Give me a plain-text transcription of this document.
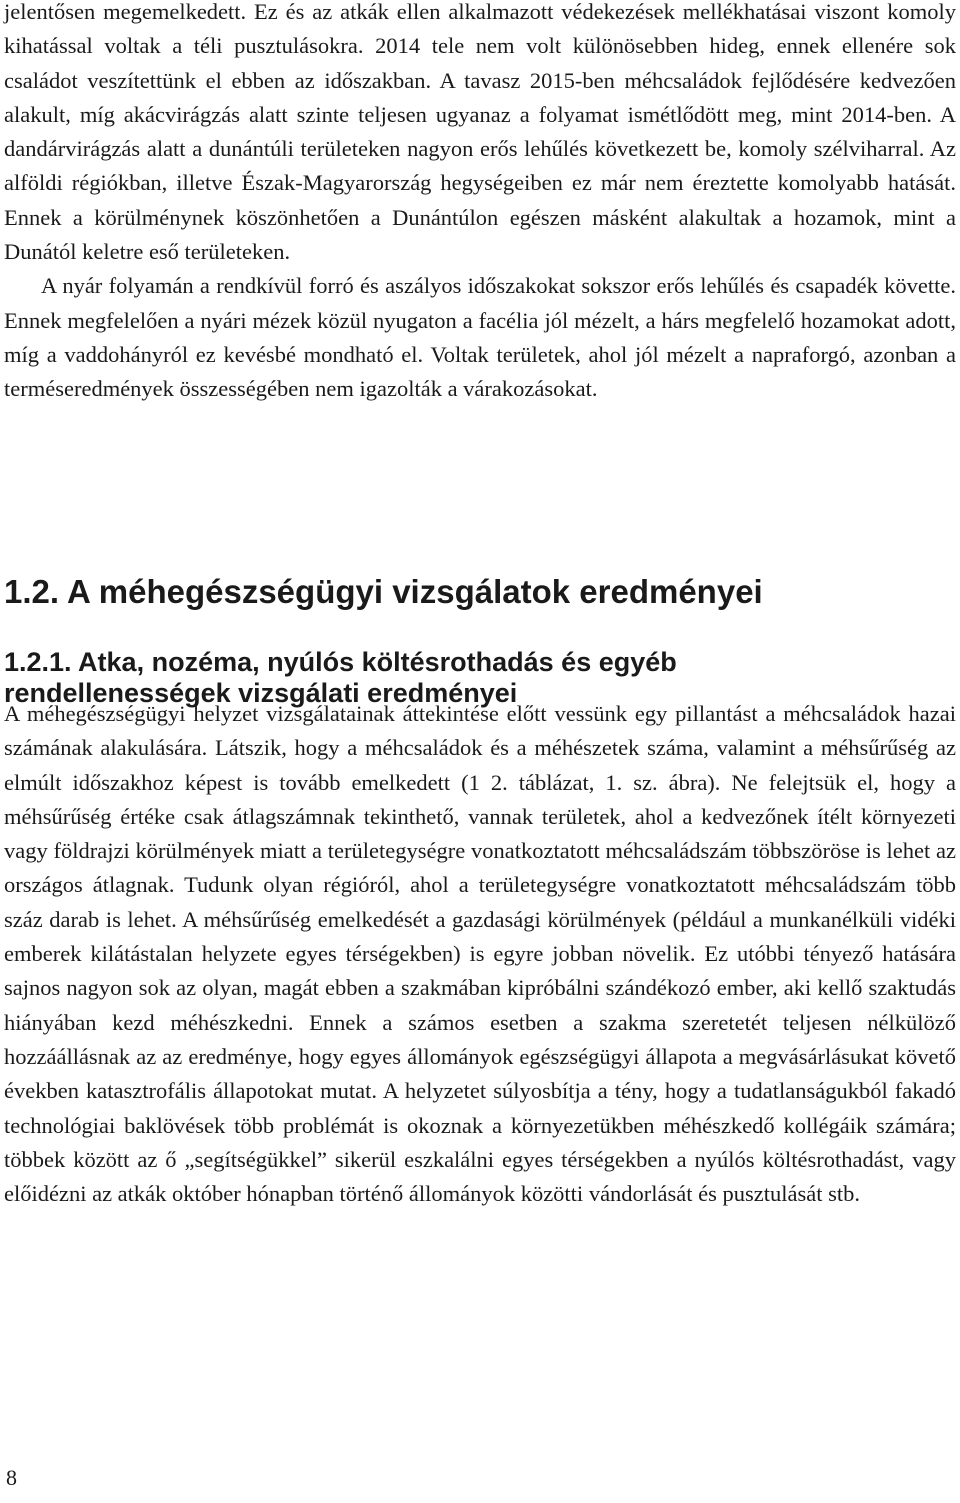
jelentősen megemelkedett. Ez és az atkák ellen alkalmazott védekezések mellékhatásai viszont komoly kihatással voltak a téli pusztulásokra. 2014 tele nem volt különösebben hideg, ennek ellenére sok családot veszítettünk el ebben az időszakban. A tavasz 2015-ben méhcsaládok fejlődésére kedvezően alakult, míg akácvirágzás alatt szinte teljesen ugyanaz a folyamat ismétlődött meg, mint 2014-ben. A dandárvirágzás alatt a dunántúli területeken nagyon erős lehűlés következett be, komoly szélviharral. Az alföldi régiókban, illetve Észak-Magyarország hegységeiben ez már nem éreztette komolyabb hatását. Ennek a körülménynek köszönhetően a Dunántúlon egészen másként alakultak a hozamok, mint a Dunától keletre eső területeken.

A nyár folyamán a rendkívül forró és aszályos időszakokat sokszor erős lehűlés és csapadék követte. Ennek megfelelően a nyári mézek közül nyugaton a facélia jól mézelt, a hárs megfelelő hozamokat adott, míg a vaddohányról ez kevésbé mondható el. Voltak területek, ahol jól mézelt a napraforgó, azonban a terméseredmények összességében nem igazolták a várakozásokat.

1.2. A méhegészségügyi vizsgálatok eredményei
1.2.1. Atka, nozéma, nyúlós költésrothadás és egyéb
rendellenességek vizsgálati eredményei

A méhegészségügyi helyzet vizsgálatainak áttekintése előtt vessünk egy pillantást a méhcsaládok hazai számának alakulására. Látszik, hogy a méhcsaládok és a méhészetek száma, valamint a méhsűrűség az elmúlt időszakhoz képest is tovább emelkedett (1 2. táblázat, 1. sz. ábra). Ne felejtsük el, hogy a méhsűrűség értéke csak átlagszámnak tekinthető, vannak területek, ahol a kedvezőnek ítélt környezeti vagy földrajzi körülmények miatt a területegységre vonatkoztatott méhcsaládszám többszöröse is lehet az országos átlagnak. Tudunk olyan régióról, ahol a területegységre vonatkoztatott méhcsaládszám több száz darab is lehet. A méhsűrűség emelkedését a gazdasági körülmények (például a munkanélküli vidéki emberek kilátástalan helyzete egyes térségekben) is egyre jobban növelik. Ez utóbbi tényező hatására sajnos nagyon sok az olyan, magát ebben a szakmában kipróbálni szándékozó ember, aki kellő szaktudás hiányában kezd méhészkedni. Ennek a számos esetben a szakma szeretetét teljesen nélkülöző hozzáállásnak az az eredménye, hogy egyes állományok egészségügyi állapota a megvásárlásukat követő években katasztrofális állapotokat mutat. A helyzetet súlyosbítja a tény, hogy a tudatlanságukból fakadó technológiai baklövések több problémát is okoznak a környezetükben méhészkedő kollégáik számára; többek között az ő „segítségükkel” sikerül eszkalálni egyes térségekben a nyúlós költésrothadást, vagy előidézni az atkák október hónapban történő állományok közötti vándorlását és pusztulását stb.

8
